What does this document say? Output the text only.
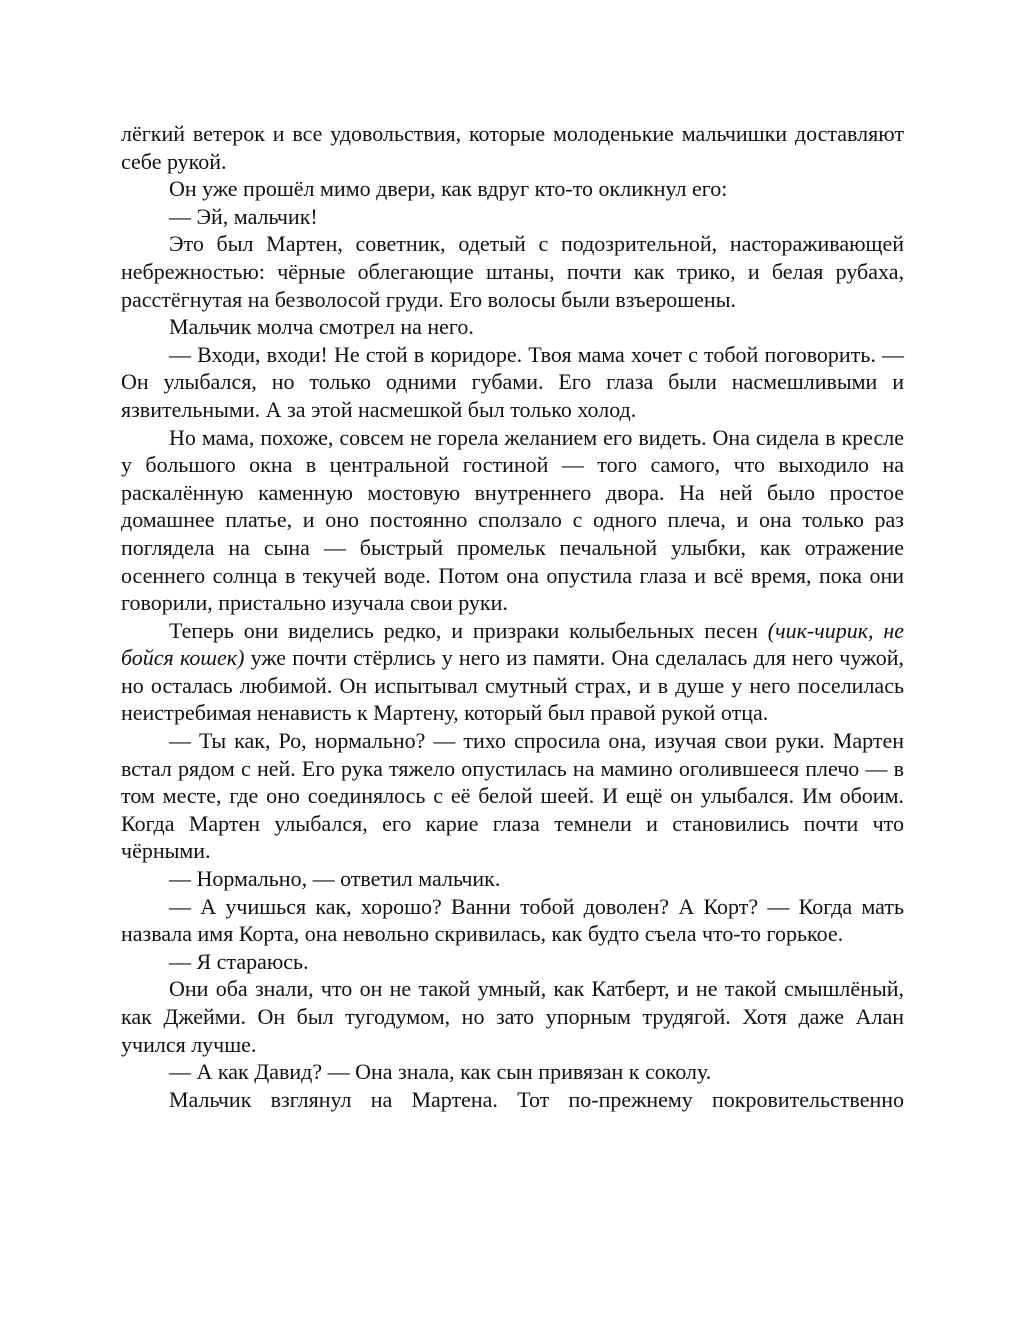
лёгкий ветерок и все удовольствия, которые молоденькие мальчишки доставляют себе рукой.

Он уже прошёл мимо двери, как вдруг кто-то окликнул его:

— Эй, мальчик!

Это был Мартен, советник, одетый с подозрительной, настораживающей небрежностью: чёрные облегающие штаны, почти как трико, и белая рубаха, расстёгнутая на безволосой груди. Его волосы были взъерошены.

Мальчик молча смотрел на него.

— Входи, входи! Не стой в коридоре. Твоя мама хочет с тобой поговорить. — Он улыбался, но только одними губами. Его глаза были насмешливыми и язвительными. А за этой насмешкой был только холод.

Но мама, похоже, совсем не горела желанием его видеть. Она сидела в кресле у большого окна в центральной гостиной — того самого, что выходило на раскалённую каменную мостовую внутреннего двора. На ней было простое домашнее платье, и оно постоянно сползало с одного плеча, и она только раз поглядела на сына — быстрый промельк печальной улыбки, как отражение осеннего солнца в текучей воде. Потом она опустила глаза и всё время, пока они говорили, пристально изучала свои руки.

Теперь они виделись редко, и призраки колыбельных песен (чик-чирик, не бойся кошек) уже почти стёрлись у него из памяти. Она сделалась для него чужой, но осталась любимой. Он испытывал смутный страх, и в душе у него поселилась неистребимая ненависть к Мартену, который был правой рукой отца.

— Ты как, Ро, нормально? — тихо спросила она, изучая свои руки. Мартен встал рядом с ней. Его рука тяжело опустилась на мамино оголившееся плечо — в том месте, где оно соединялось с её белой шеей. И ещё он улыбался. Им обоим. Когда Мартен улыбался, его карие глаза темнели и становились почти что чёрными.

— Нормально, — ответил мальчик.

— А учишься как, хорошо? Ванни тобой доволен? А Корт? — Когда мать назвала имя Корта, она невольно скривилась, как будто съела что-то горькое.

— Я стараюсь.

Они оба знали, что он не такой умный, как Катберт, и не такой смышлёный, как Джейми. Он был тугодумом, но зато упорным трудягой. Хотя даже Алан учился лучше.

— А как Давид? — Она знала, как сын привязан к соколу.

Мальчик взглянул на Мартена. Тот по-прежнему покровительственно
